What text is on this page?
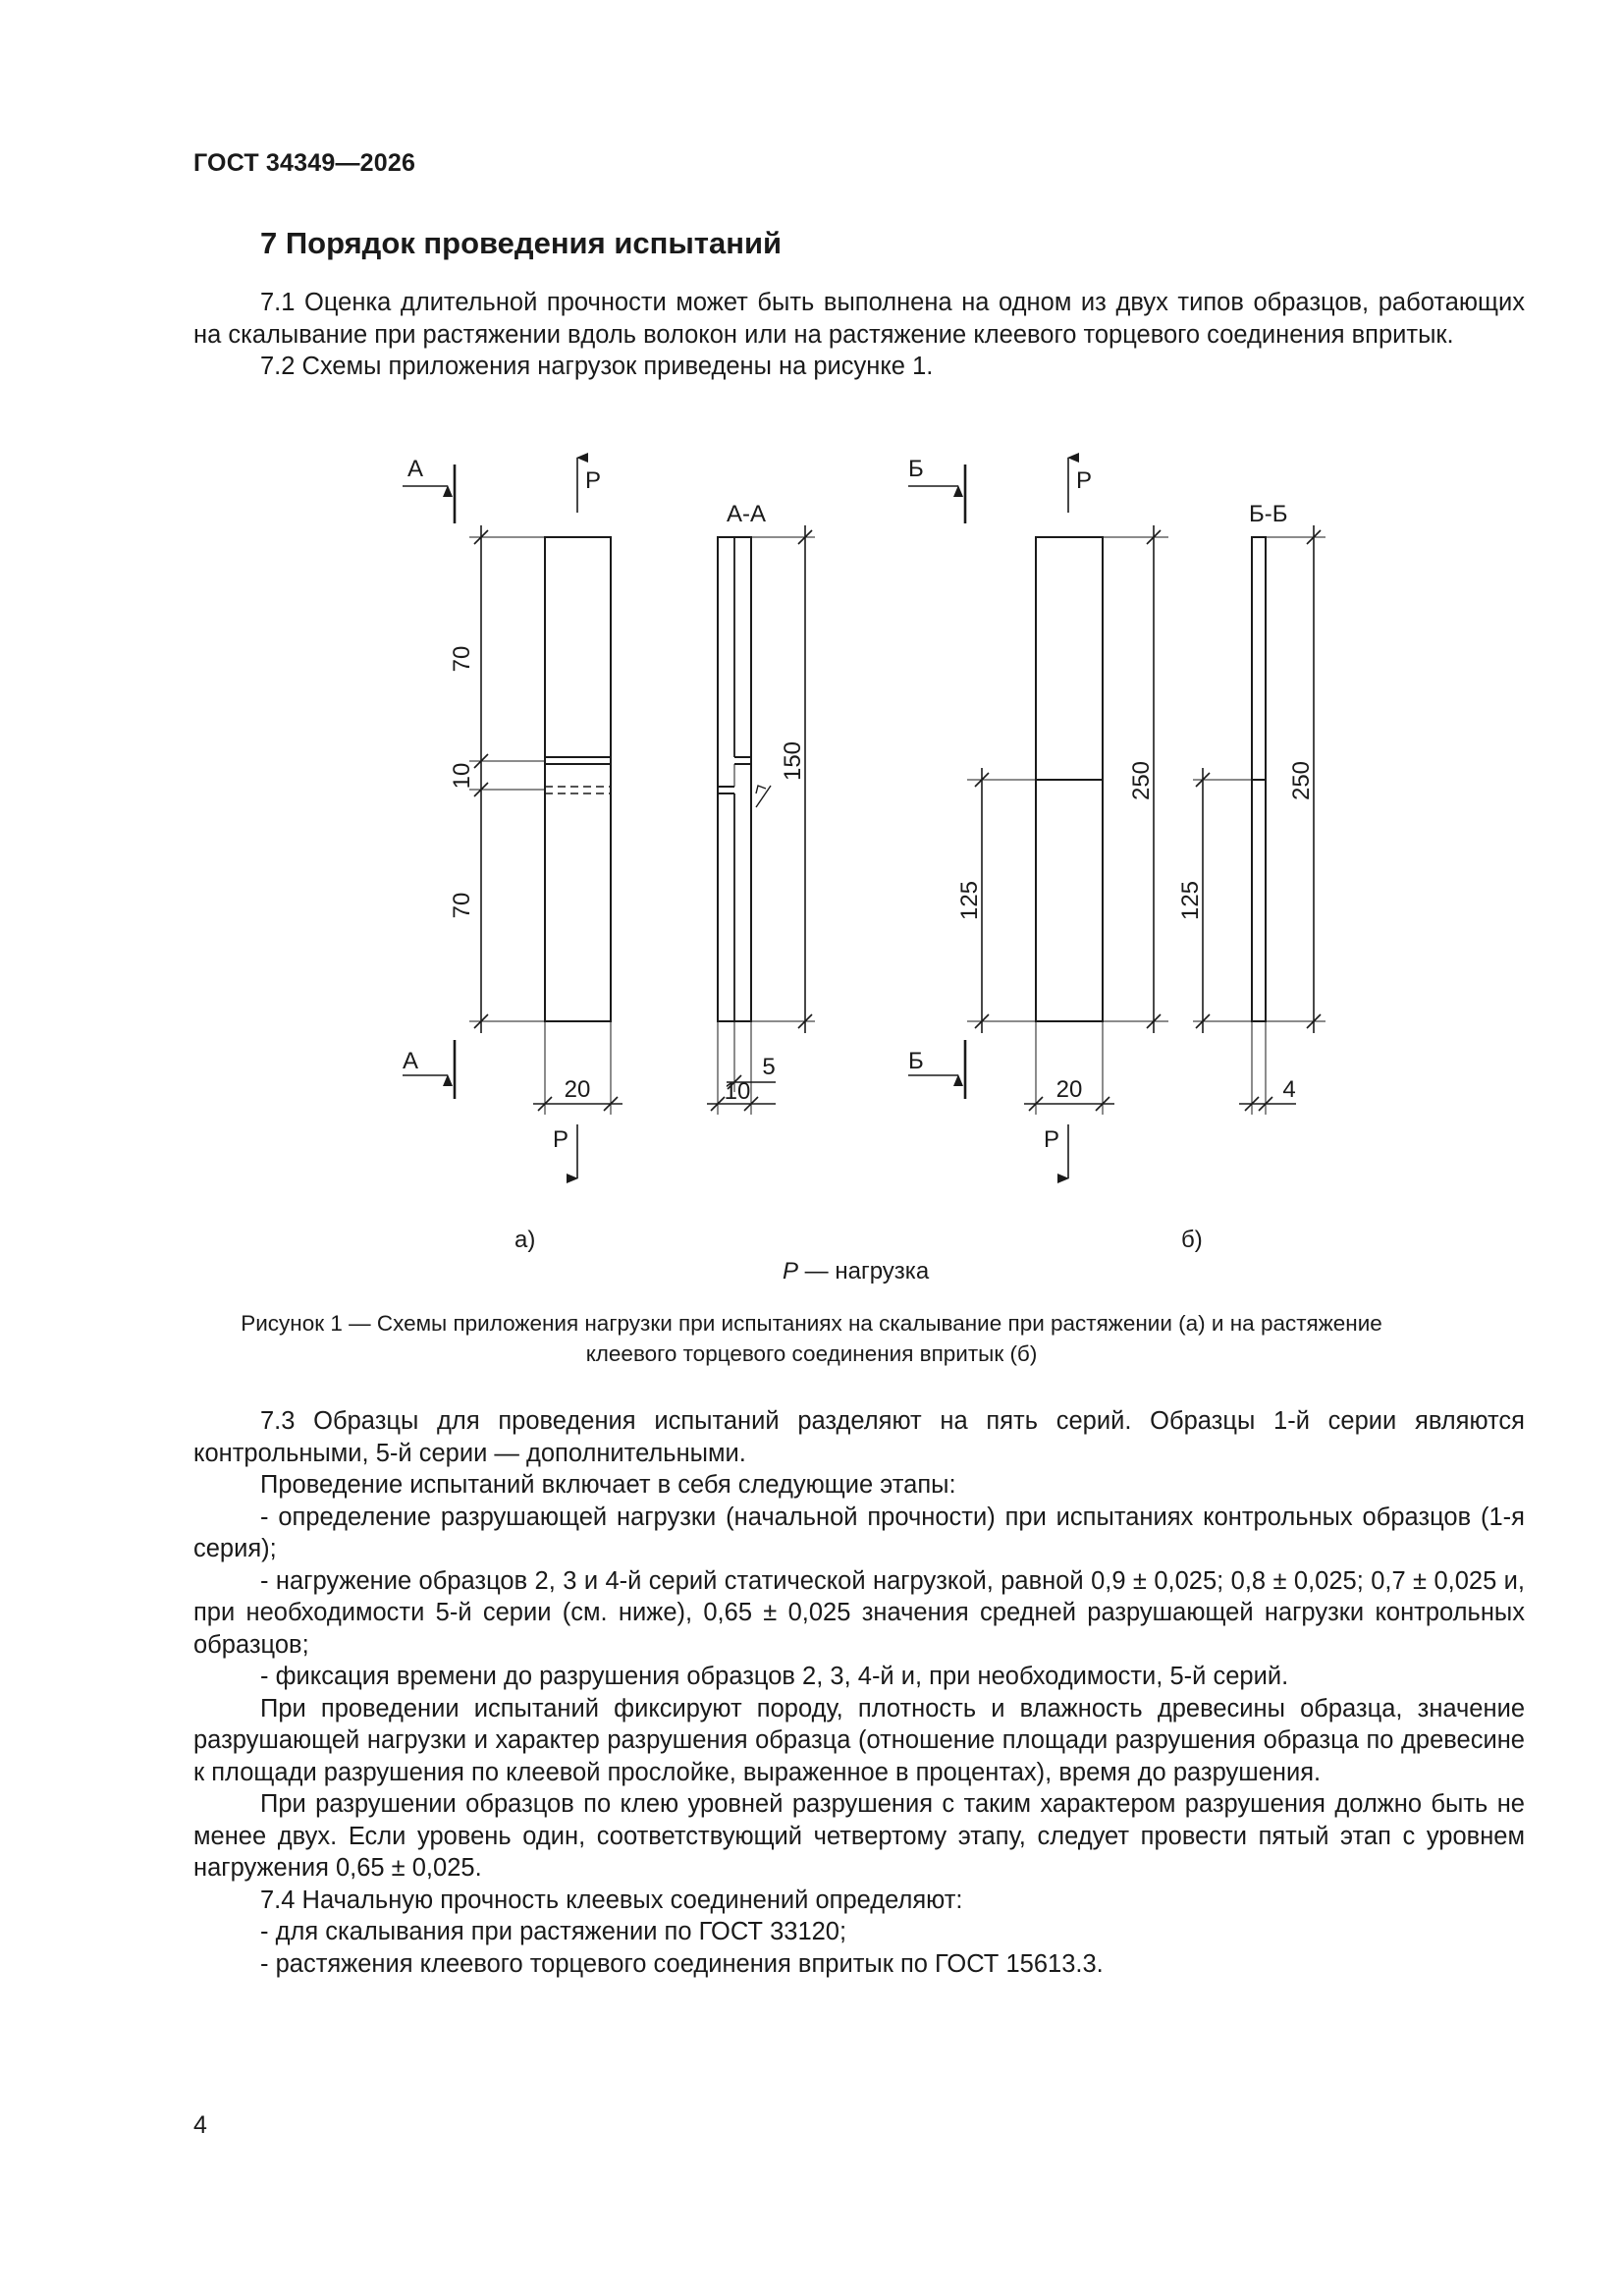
ГОСТ 34349—2026
7 Порядок проведения испытаний

7.1 Оценка длительной прочности может быть выполнена на одном из двух типов образцов, работающих на скалывание при растяжении вдоль волокон или на растяжение клеевого торцевого соединения впритык.

7.2 Схемы приложения нагрузок приведены на рисунке 1.

А
А
P
P
А-А
70
10
70
150
20	10
5
Б
Б
P
P
Б-Б
125
250
20
125
250
4
а)	б)
P — нагрузка
Рисунок 1 — Схемы приложения нагрузки при испытаниях на скалывание при растяжении (а) и на растяжение клеевого торцевого соединения впритык (б)

7.3 Образцы для проведения испытаний разделяют на пять серий. Образцы 1-й серии являются контрольными, 5-й серии — дополнительными.

Проведение испытаний включает в себя следующие этапы:

- определение разрушающей нагрузки (начальной прочности) при испытаниях контрольных образцов (1-я серия);

- нагружение образцов 2, 3 и 4-й серий статической нагрузкой, равной 0,9 ± 0,025; 0,8 ± 0,025; 0,7 ± 0,025 и, при необходимости 5-й серии (см. ниже), 0,65 ± 0,025 значения средней разрушающей нагрузки контрольных образцов;

- фиксация времени до разрушения образцов 2, 3, 4-й и, при необходимости, 5-й серий.

При проведении испытаний фиксируют породу, плотность и влажность древесины образца, значение разрушающей нагрузки и характер разрушения образца (отношение площади разрушения образца по древесине к площади разрушения по клеевой прослойке, выраженное в процентах), время до разрушения.

При разрушении образцов по клею уровней разрушения с таким характером разрушения должно быть не менее двух. Если уровень один, соответствующий четвертому этапу, следует провести пятый этап с уровнем нагружения 0,65 ± 0,025.

7.4 Начальную прочность клеевых соединений определяют:

- для скалывания при растяжении по ГОСТ 33120;

- растяжения клеевого торцевого соединения впритык по ГОСТ 15613.3.

4
